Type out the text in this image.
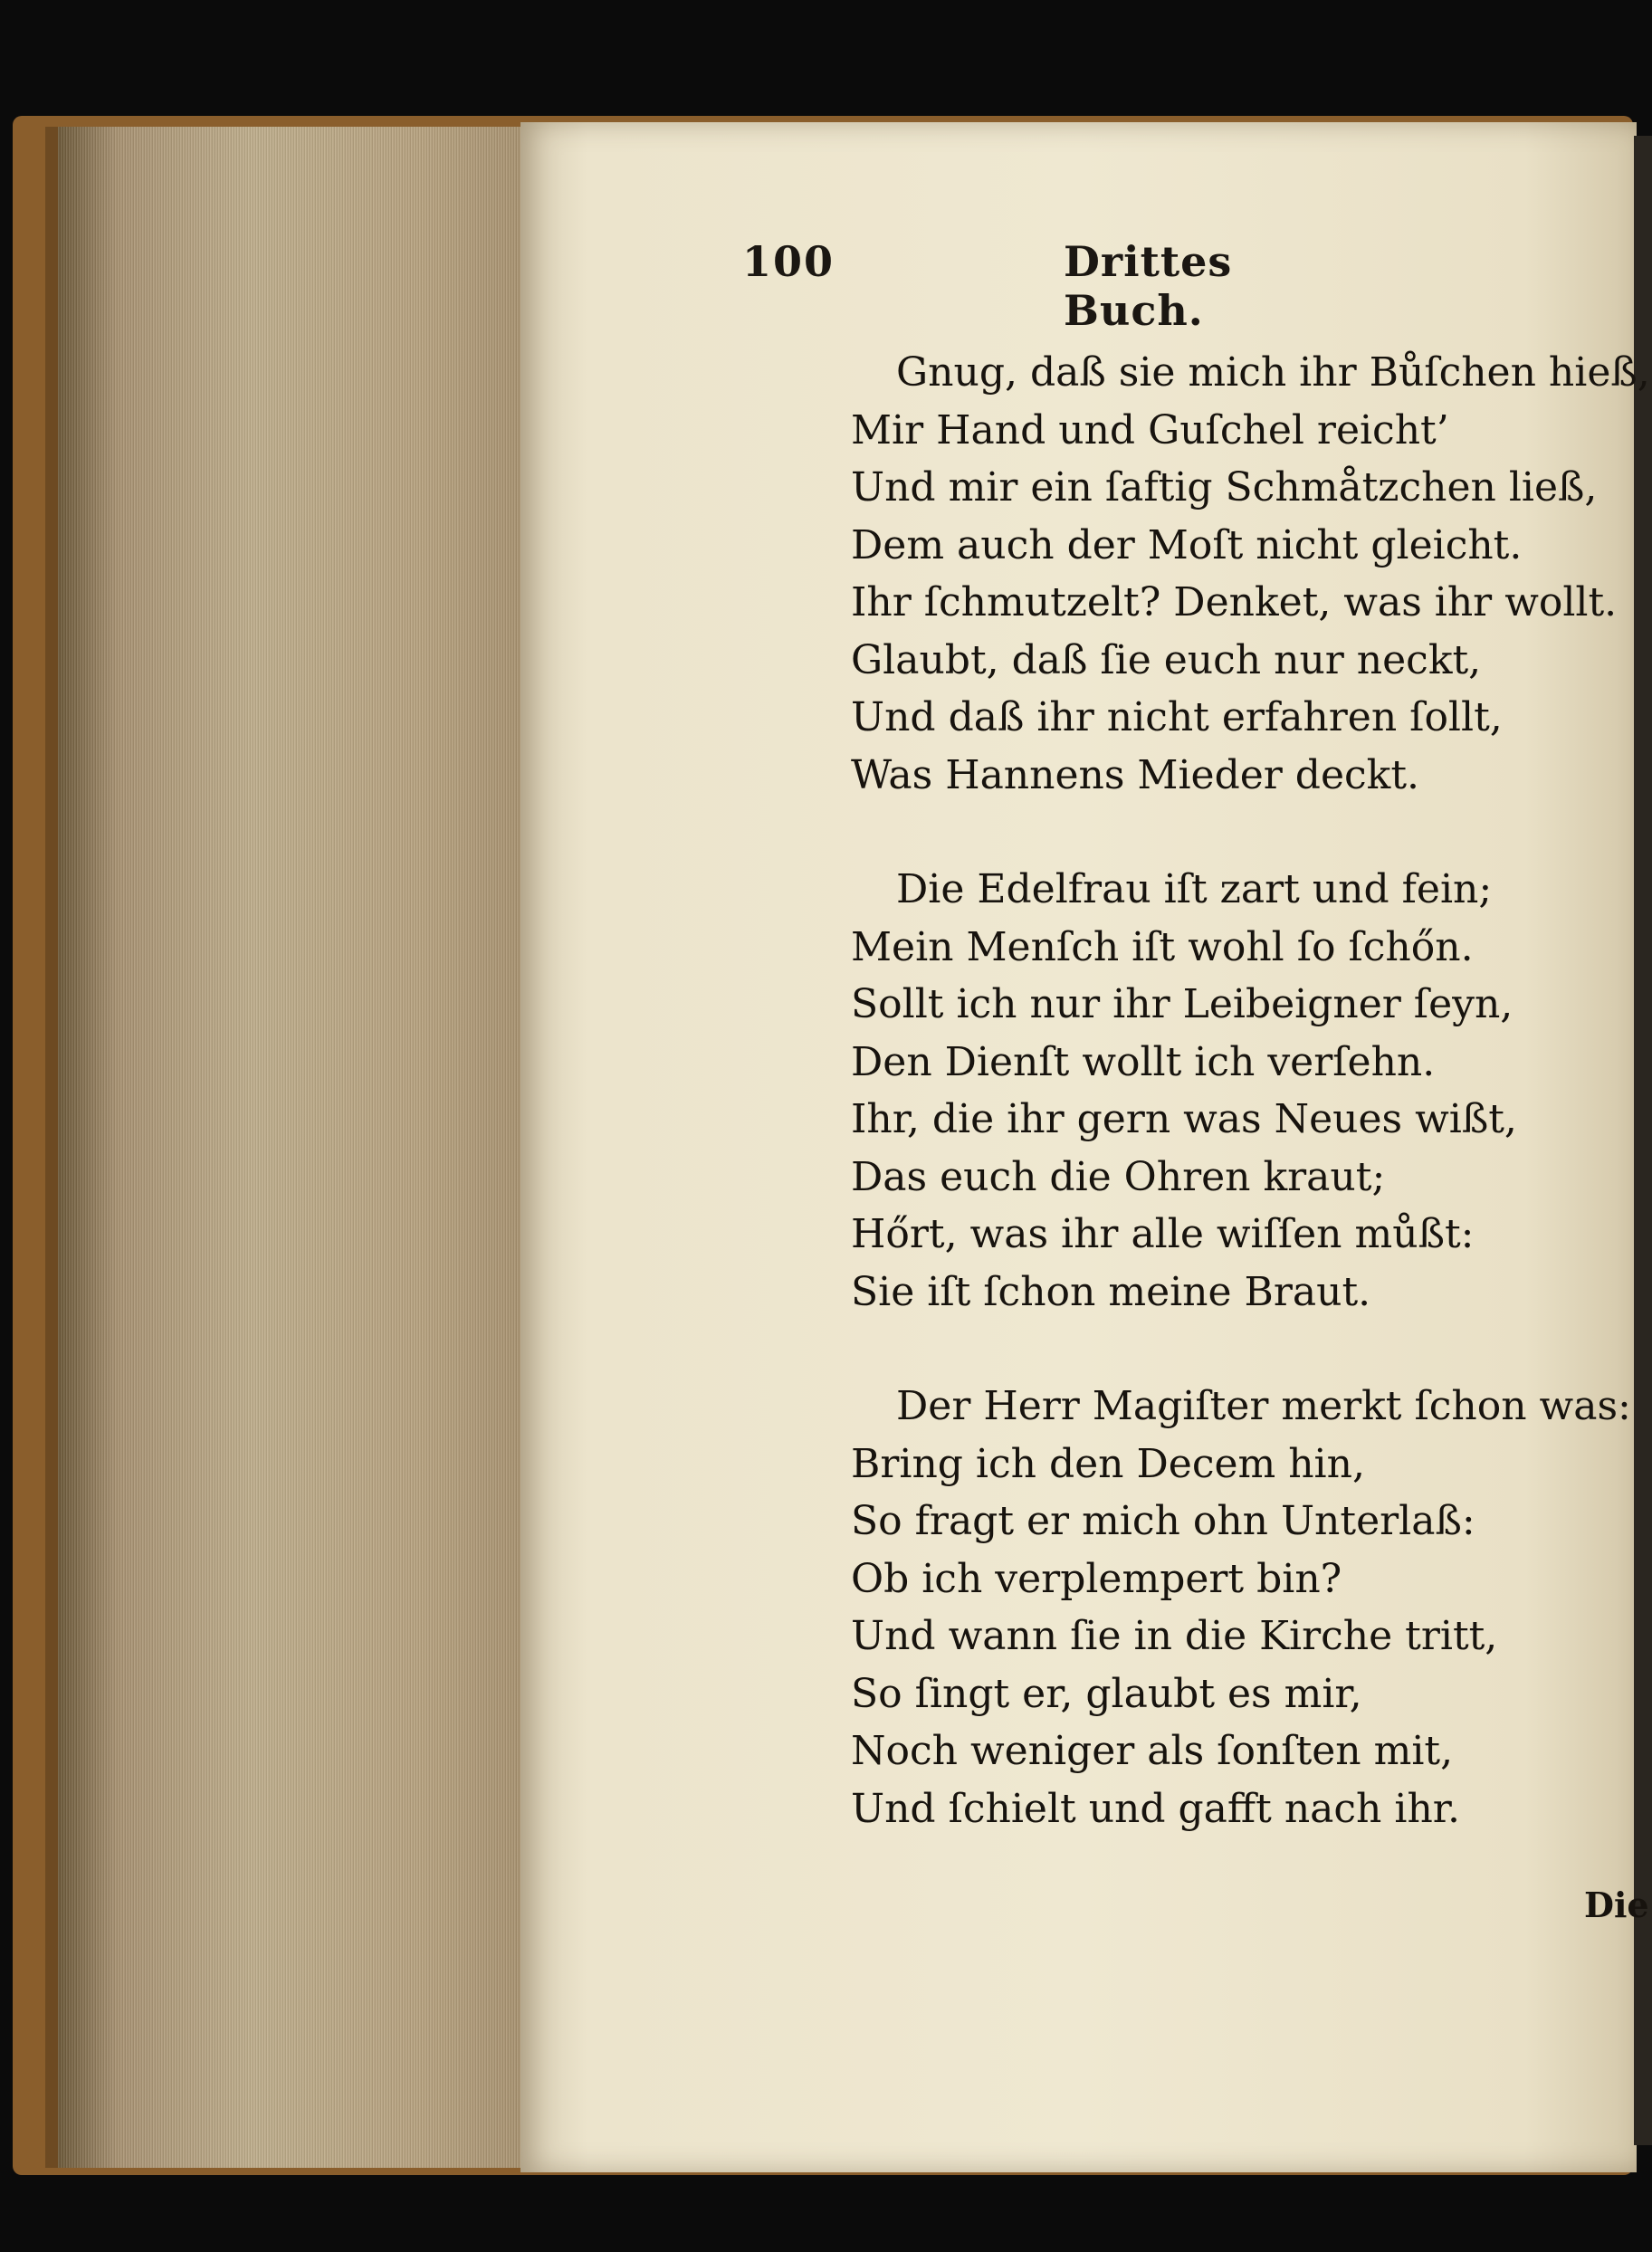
100	Drittes Buch.
Gnug, daß sie mich ihr Bůſchen hieß,
Mir Hand und Guſchel reicht’
Und mir ein ſaftig Schmåtzchen ließ,
Dem auch der Moſt nicht gleicht.
Ihr ſchmutzelt? Denket, was ihr wollt.
Glaubt, daß ſie euch nur neckt,
Und daß ihr nicht erfahren ſollt,
Was Hannens Mieder deckt.
Die Edelfrau iſt zart und fein;
Mein Menſch iſt wohl ſo ſchőn.
Sollt ich nur ihr Leibeigner ſeyn,
Den Dienſt wollt ich verſehn.
Ihr, die ihr gern was Neues wißt,
Das euch die Ohren kraut;
Hőrt, was ihr alle wiſſen můßt:
Sie iſt ſchon meine Braut.
Der Herr Magiſter merkt ſchon was:
Bring ich den Decem hin,
So fragt er mich ohn Unterlaß:
Ob ich verplempert bin?
Und wann ſie in die Kirche tritt,
So ſingt er, glaubt es mir,
Noch weniger als ſonſten mit,
Und ſchielt und gafft nach ihr.
Die
